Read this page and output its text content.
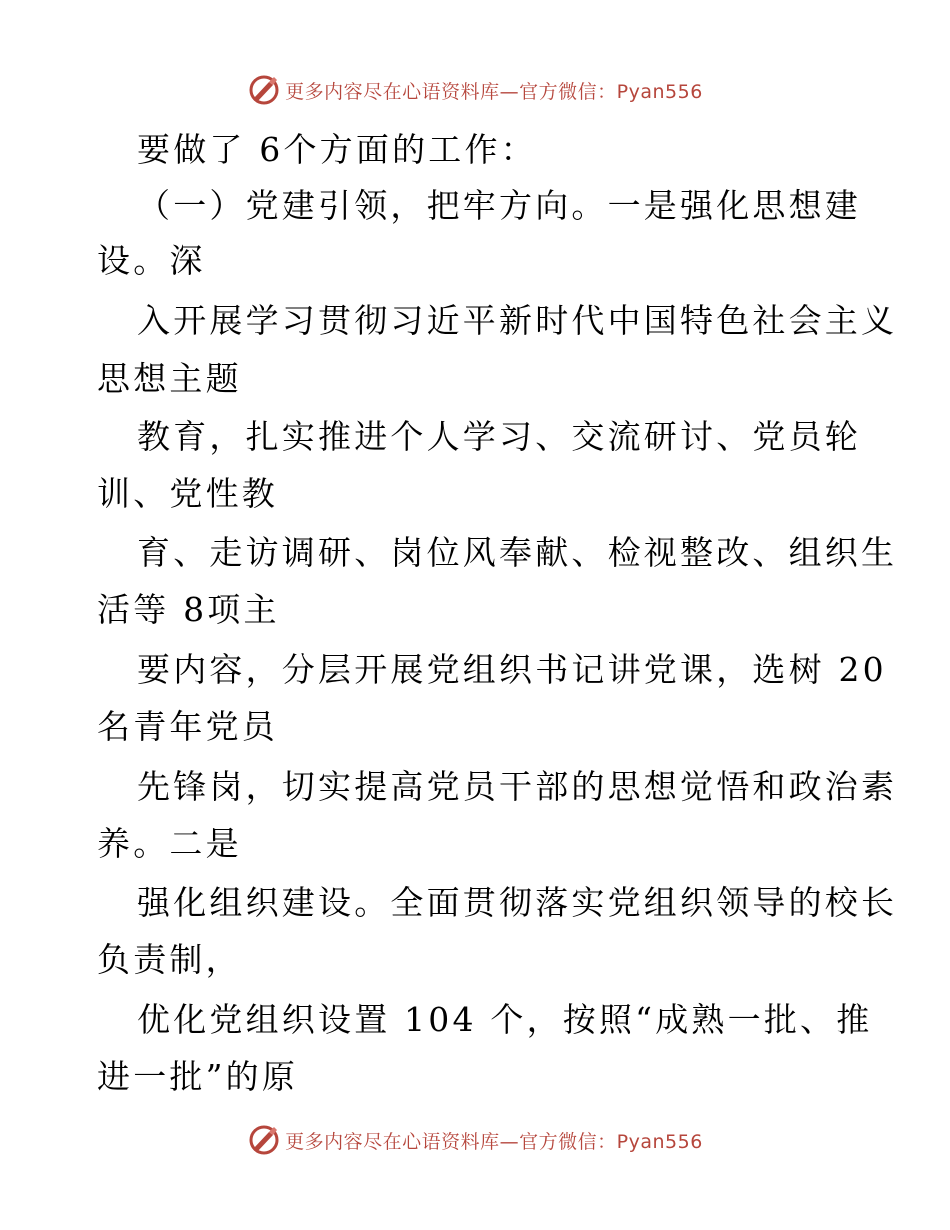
更多内容尽在心语资料库—官方微信：Pyan556
要做了 6个方面的工作：
（一）党建引领，把牢方向。一是强化思想建
设。深
入开展学习贯彻习近平新时代中国特色社会主义
思想主题
教育，扎实推进个人学习、交流研讨、党员轮
训、党性教
育、走访调研、岗位风奉献、检视整改、组织生
活等 8项主
要内容，分层开展党组织书记讲党课，选树 20
名青年党员
先锋岗，切实提高党员干部的思想觉悟和政治素
养。二是
强化组织建设。全面贯彻落实党组织领导的校长
负责制，
优化党组织设置 104 个，按照“成熟一批、推
进一批”的原
更多内容尽在心语资料库—官方微信：Pyan556
